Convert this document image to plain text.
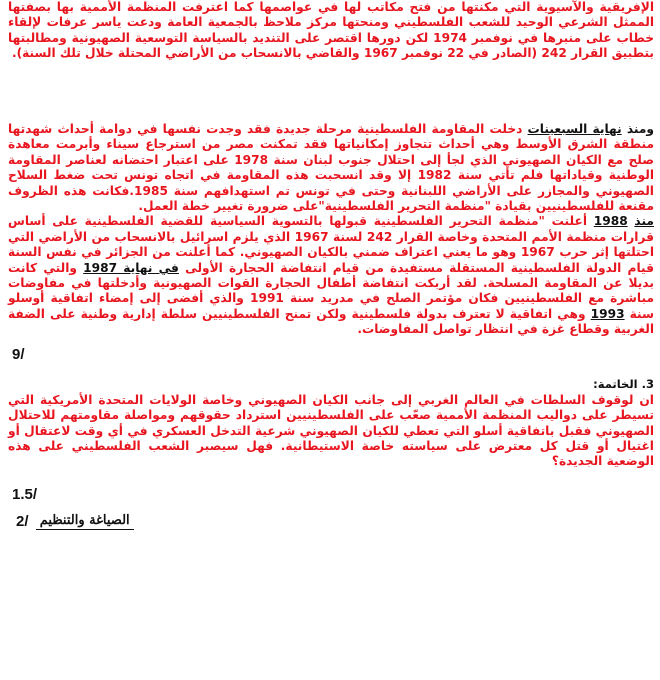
الإفريقية والآسيوية التي مكنتها من فتح مكاتب لها في عواصمها كما اعترفت المنظمة الأممية بها بصفتها الممثل الشرعي الوحيد للشعب الفلسطيني ومنحتها مركز ملاحظ بالجمعية العامة ودعت ياسر عرفات لإلقاء خطاب على منبرها في نوفمبر 1974 لكن دورها اقتصر على التنديد بالسياسة التوسعية الصهيونية ومطالبتها بتطبيق القرار 242 (الصادر في 22 نوفمبر 1967 والقاضي بالانسحاب من الأراضي المحتلة خلال تلك السنة).

ومنذ نهاية السبعينات دخلت المقاومة الفلسطينية مرحلة جديدة فقد وجدت نفسها في دوامة أحداث شهدتها منطقة الشرق الأوسط وهي أحداث تتجاوز إمكانياتها فقد تمكنت مصر من استرجاع سيناء وأبرمت معاهدة صلح مع الكيان الصهيوني الذي لجأ إلى احتلال جنوب لبنان سنة 1978 على اعتبار احتضانه لعناصر المقاومة الوطنية وقياداتها فلم تأتي سنة 1982 إلا وقد انسحبت هذه المقاومة في اتجاه تونس تحت ضغط السلاح الصهيوني والمجازر على الأراضي اللبنانية وحتى في تونس تم استهدافهم سنة 1985.فكانت هذه الظروف مقنعة للفلسطينيين بقيادة "منظمة التحرير الفلسطينية"على ضرورة تغيير خطة العمل.

منذ 1988 أعلنت "منظمة التحرير الفلسطينية قبولها بالتسوية السياسية للقضية الفلسطينية على أساس قرارات منظمة الأمم المتحدة وخاصة القرار 242 لسنة 1967 الذي يلزم اسرائيل بالانسحاب من الأراضي التي احتلتها إثر حرب 1967 وهو ما يعني اعتراف ضمني بالكيان الصهيوني. كما أعلنت من الجزائر في نفس السنة قيام الدولة الفلسطينية المستقلة مستفيدة من قيام انتفاضة الحجارة الأولى في نهاية 1987 والتي كانت بديلا عن المقاومة المسلحة. لقد أربكت انتفاضة أطفال الحجارة القوات الصهيونية وأدخلتها في مفاوضات مباشرة مع الفلسطينيين فكان مؤتمر الصلح في مدريد سنة 1991 والذي أفضى إلى إمضاء اتفاقية أوسلو سنة 1993 وهي اتفاقية لا تعترف بدولة فلسطينية ولكن تمنح الفلسطينيين سلطة إدارية وطنية على الضفة الغربية وقطاع غزة في انتظار تواصل المفاوضات.

9/
3. الخاتمة:

ان لوقوف السلطات في العالم الغربي إلى جانب الكيان الصهيوني وخاصة الولايات المتحدة الأمريكية التي تسيطر على دواليب المنظمة الأممية صعّب على الفلسطينيين استرداد حقوقهم ومواصلة مقاومتهم للاحتلال الصهيوني فقبل باتفاقية أسلو التي تعطي للكيان الصهيوني شرعية التدخل العسكري في أي وقت لاعتقال أو اغتيال أو قتل كل معترض على سياسته خاصة الاستيطانية. فهل سيصبر الشعب الفلسطيني على هذه الوضعية الجديدة؟

1.5/
2/ الصياغة والتنظيم
